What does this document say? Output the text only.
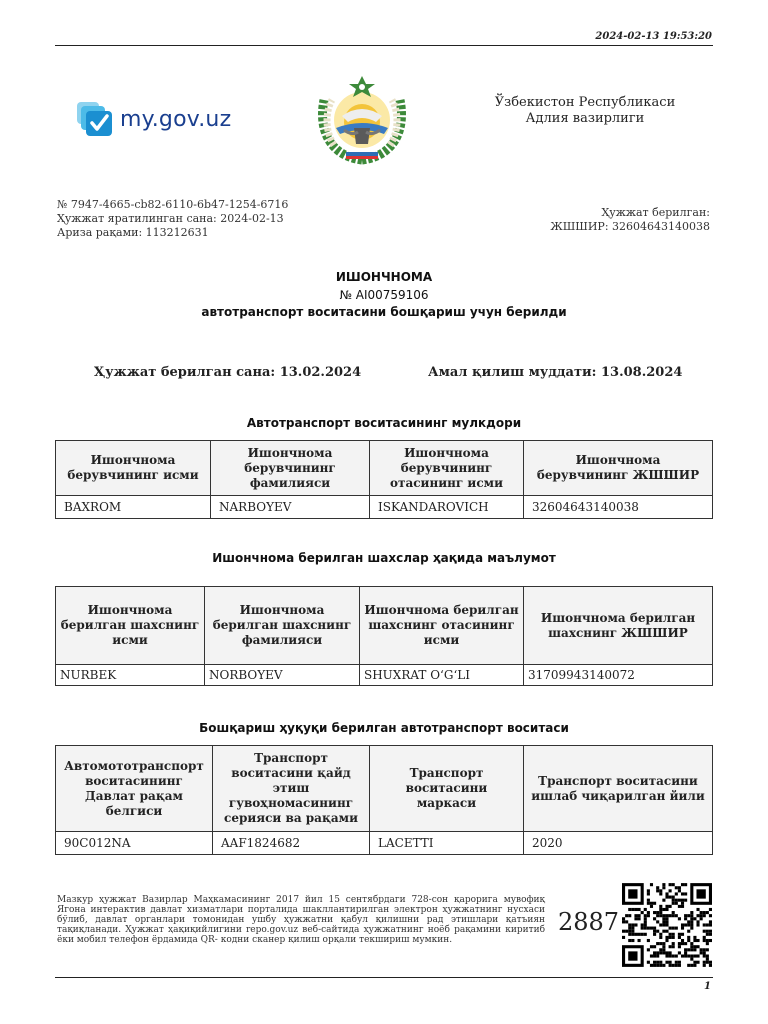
2024-02-13 19:53:20
my.gov.uz
Ўзбекистон Республикаси
Адлия вазирлиги
№ 7947-4665-cb82-6110-6b47-1254-6716
Ҳужжат яратилинган сана: 2024-02-13
Ариза рақами: 113212631
Ҳужжат берилган:
ЖШШИР: 32604643140038
ИШОНЧНОМА
№ AI00759106
автотранспорт воситасини бошқариш учун берилди
Ҳужжат берилган сана: 13.02.2024	Амал қилиш муддати: 13.08.2024
Автотранспорт воситасининг мулкдори
Ишончнома берувчининг исми	Ишончнома берувчининг фамилияси	Ишончнома берувчининг отасининг исми	Ишончнома берувчининг ЖШШИР
BAXROM	NARBOYEV	ISKANDAROVICH	32604643140038
Ишончнома берилган шахслар ҳақида маълумот
Ишончнома берилган шахснинг исми	Ишончнома берилган шахснинг фамилияси	Ишончнома берилган шахснинг отасининг исми	Ишончнома берилган шахснинг ЖШШИР
NURBEK	NORBOYEV	SHUXRAT O‘G‘LI	31709943140072
Бошқариш ҳуқуқи берилган автотранспорт воситаси
Автомототранспорт воситасининг Давлат рақам белгиси	Транспорт воситасини қайд этиш гувоҳномасининг серияси ва рақами	Транспорт воситасини маркаси	Транспорт воситасини ишлаб чиқарилган йили
90C012NA	AAF1824682	LACETTI	2020
Мазкур ҳужжат Вазирлар Маҳкамасининг 2017 йил 15 сентябрдаги 728-сон қарорига мувофиқ Ягона интерактив давлат хизматлари порталида шакллантирилган электрон ҳужжатнинг нусхаси бўлиб, давлат органлари томонидан ушбу ҳужжатни қабул қилишни рад этишлари қатъиян тақиқланади. Ҳужжат ҳақиқийлигини repo.gov.uz веб-сайтида ҳужжатнинг ноёб рақамини киритиб ёки мобил телефон ёрдамида QR- кодни сканер қилиш орқали текшириш мумкин.
2887
1
